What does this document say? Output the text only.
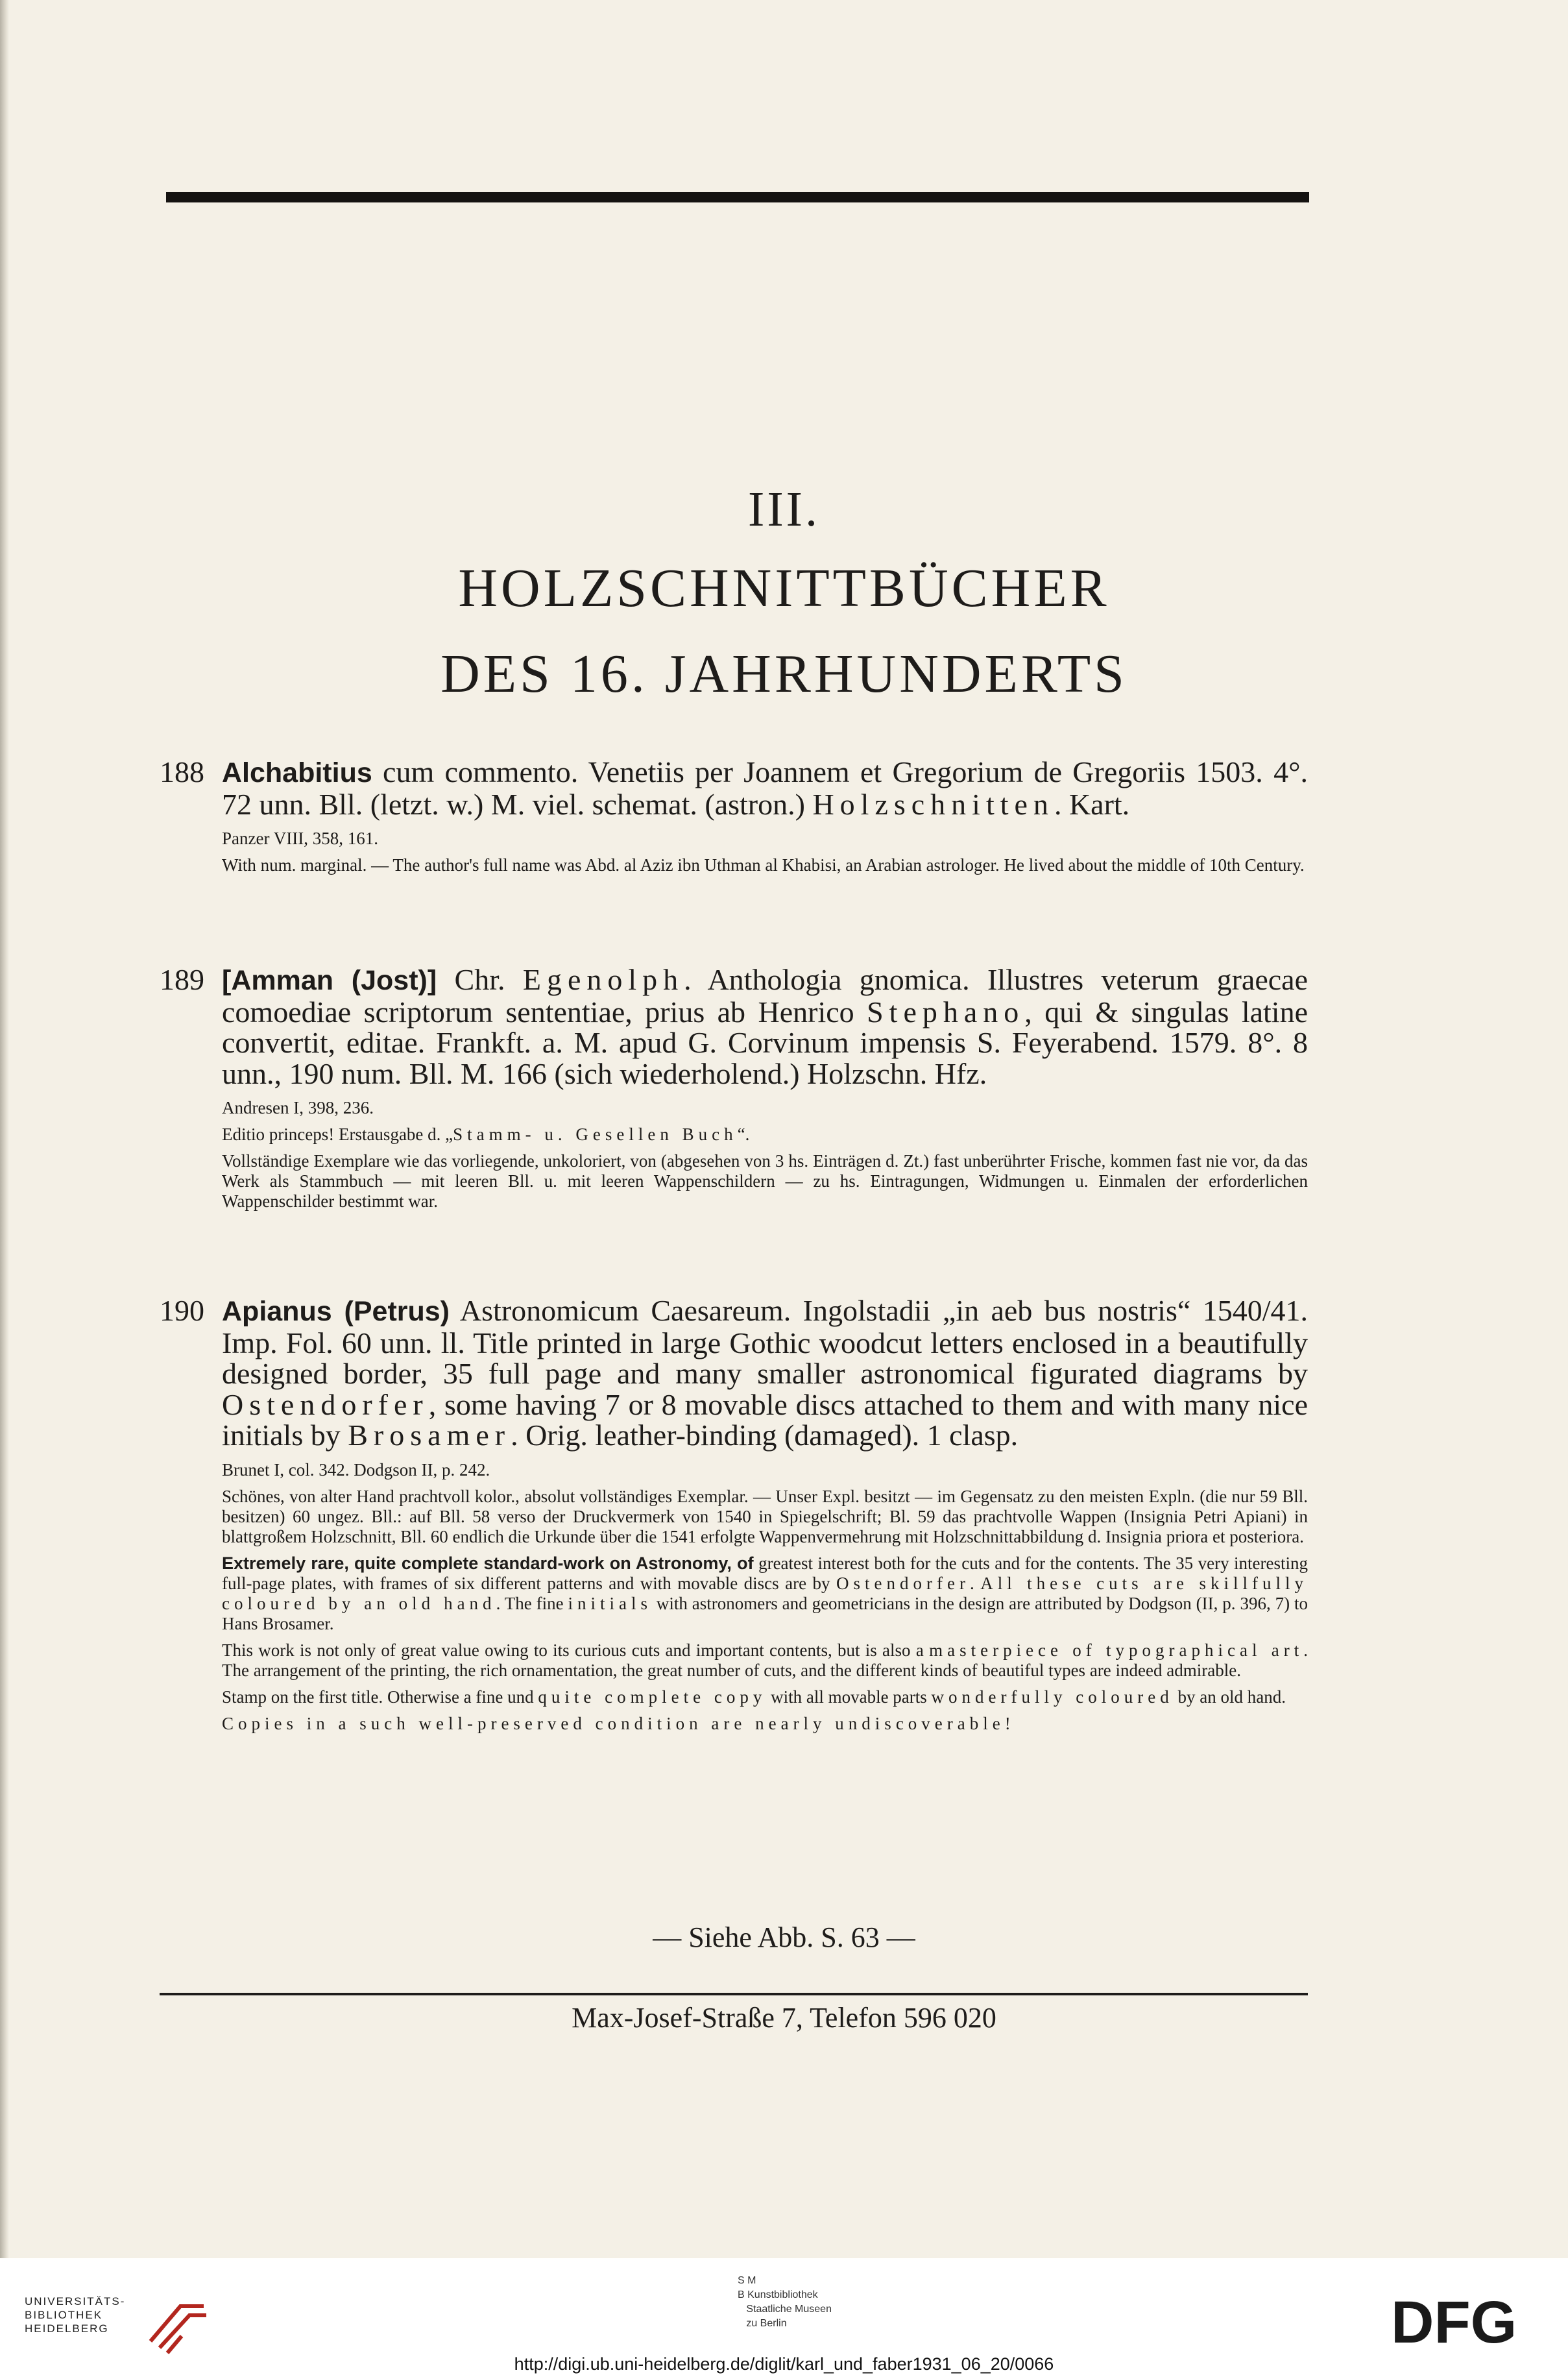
III.
HOLZSCHNITTBÜCHER
DES 16. JAHRHUNDERTS
188 Alchabitius cum commento. Venetiis per Joannem et Gregorium de Gregoriis 1503. 4°. 72 unn. Bll. (letzt. w.) M. viel. schemat. (astron.) Holzschnitten. Kart.

Panzer VIII, 358, 161.

With num. marginal. — The author's full name was Abd. al Aziz ibn Uthman al Khabisi, an Arabian astrologer. He lived about the middle of 10th Century.

189 [Amman (Jost)] Chr. Egenolph. Anthologia gnomica. Illustres veterum graecae comoediae scriptorum sententiae, prius ab Henrico Stephano, qui & singulas latine convertit, editae. Frankft. a. M. apud G. Corvinum impensis S. Feyerabend. 1579. 8°. 8 unn., 190 num. Bll. M. 166 (sich wiederholend.) Holzschn. Hfz.

Andresen I, 398, 236.

Editio princeps! Erstausgabe d. „Stamm- u. Gesellen Buch“.

Vollständige Exemplare wie das vorliegende, unkoloriert, von (abgesehen von 3 hs. Einträgen d. Zt.) fast unberührter Frische, kommen fast nie vor, da das Werk als Stammbuch — mit leeren Bll. u. mit leeren Wappenschildern — zu hs. Eintragungen, Widmungen u. Einmalen der erforderlichen Wappenschilder bestimmt war.

190 Apianus (Petrus) Astronomicum Caesareum. Ingolstadii „in aeb bus nostris“ 1540/41. Imp. Fol. 60 unn. ll. Title printed in large Gothic woodcut letters enclosed in a beautifully designed border, 35 full page and many smaller astronomical figurated diagrams by Ostendorfer, some having 7 or 8 movable discs attached to them and with many nice initials by Brosamer. Orig. leather-binding (damaged). 1 clasp.

Brunet I, col. 342. Dodgson II, p. 242.

Schönes, von alter Hand prachtvoll kolor., absolut vollständiges Exemplar. — Unser Expl. besitzt — im Gegensatz zu den meisten Expln. (die nur 59 Bll. besitzen) 60 ungez. Bll.: auf Bll. 58 verso der Druckvermerk von 1540 in Spiegelschrift; Bl. 59 das prachtvolle Wappen (Insignia Petri Apiani) in blattgroßem Holzschnitt, Bll. 60 endlich die Urkunde über die 1541 erfolgte Wappenvermehrung mit Holzschnittabbildung d. Insignia priora et posteriora.

Extremely rare, quite complete standard-work on Astronomy, of greatest interest both for the cuts and for the contents. The 35 very interesting full-page plates, with frames of six different patterns and with movable discs are by Ostendorfer. All these cuts are skillfully coloured by an old hand. The fine initials with astronomers and geometricians in the design are attributed by Dodgson (II, p. 396, 7) to Hans Brosamer.

This work is not only of great value owing to its curious cuts and important contents, but is also a masterpiece of typographical art. The arrangement of the printing, the rich ornamentation, the great number of cuts, and the different kinds of beautiful types are indeed admirable.

Stamp on the first title. Otherwise a fine und quite complete copy with all movable parts wonderfully coloured by an old hand.

Copies in a such well-preserved condition are nearly undiscoverable!

— Siehe Abb. S. 63 —
Max-Josef-Straße 7, Telefon 596 020
UNIVERSITÄTS-
BIBLIOTHEK
HEIDELBERG
S M
B Kunstbibliothek
Staatliche Museen
zu Berlin	DFG
http://digi.ub.uni-heidelberg.de/diglit/karl_und_faber1931_06_20/0066
